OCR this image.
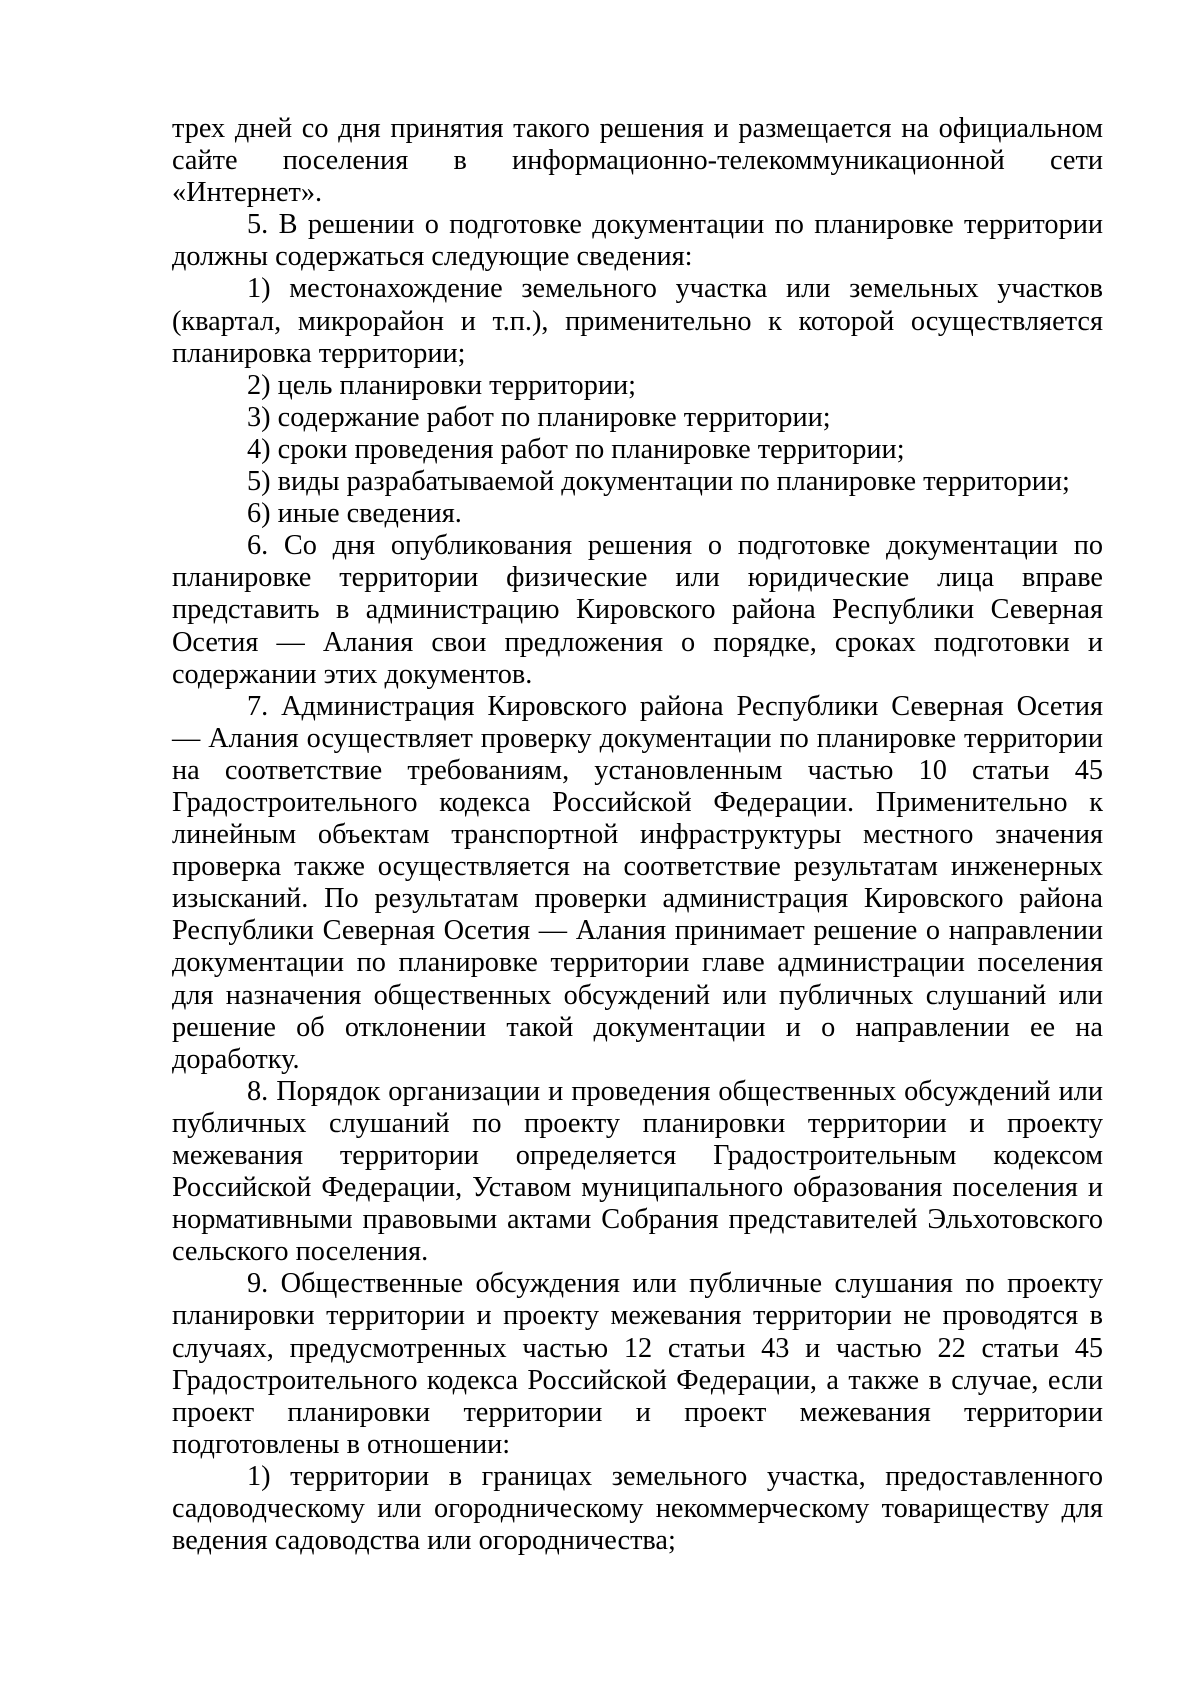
трех дней со дня принятия такого решения и размещается на официальном сайте поселения в информационно-телекоммуникационной сети «Интернет».

5. В решении о подготовке документации по планировке территории должны содержаться следующие сведения:

1) местонахождение земельного участка или земельных участков (квартал, микрорайон и т.п.), применительно к которой осуществляется планировка территории;

2) цель планировки территории;

3) содержание работ по планировке территории;

4) сроки проведения работ по планировке территории;

5) виды разрабатываемой документации по планировке территории;

6) иные сведения.

6. Со дня опубликования решения о подготовке документации по планировке территории физические или юридические лица вправе представить в администрацию Кировского района Республики Северная Осетия — Алания свои предложения о порядке, сроках подготовки и содержании этих документов.

7. Администрация Кировского района Республики Северная Осетия — Алания осуществляет проверку документации по планировке территории на соответствие требованиям, установленным частью 10 статьи 45 Градостроительного кодекса Российской Федерации. Применительно к линейным объектам транспортной инфраструктуры местного значения проверка также осуществляется на соответствие результатам инженерных изысканий. По результатам проверки администрация Кировского района Республики Северная Осетия — Алания принимает решение о направлении документации по планировке территории главе администрации поселения для назначения общественных обсуждений или публичных слушаний или решение об отклонении такой документации и о направлении ее на доработку.

8. Порядок организации и проведения общественных обсуждений или публичных слушаний по проекту планировки территории и проекту межевания территории определяется Градостроительным кодексом Российской Федерации, Уставом муниципального образования поселения и нормативными правовыми актами Собрания представителей Эльхотовского сельского поселения.

9. Общественные обсуждения или публичные слушания по проекту планировки территории и проекту межевания территории не проводятся в случаях, предусмотренных частью 12 статьи 43 и частью 22 статьи 45 Градостроительного кодекса Российской Федерации, а также в случае, если проект планировки территории и проект межевания территории подготовлены в отношении:

1) территории в границах земельного участка, предоставленного садоводческому или огородническому некоммерческому товариществу для ведения садоводства или огородничества;
